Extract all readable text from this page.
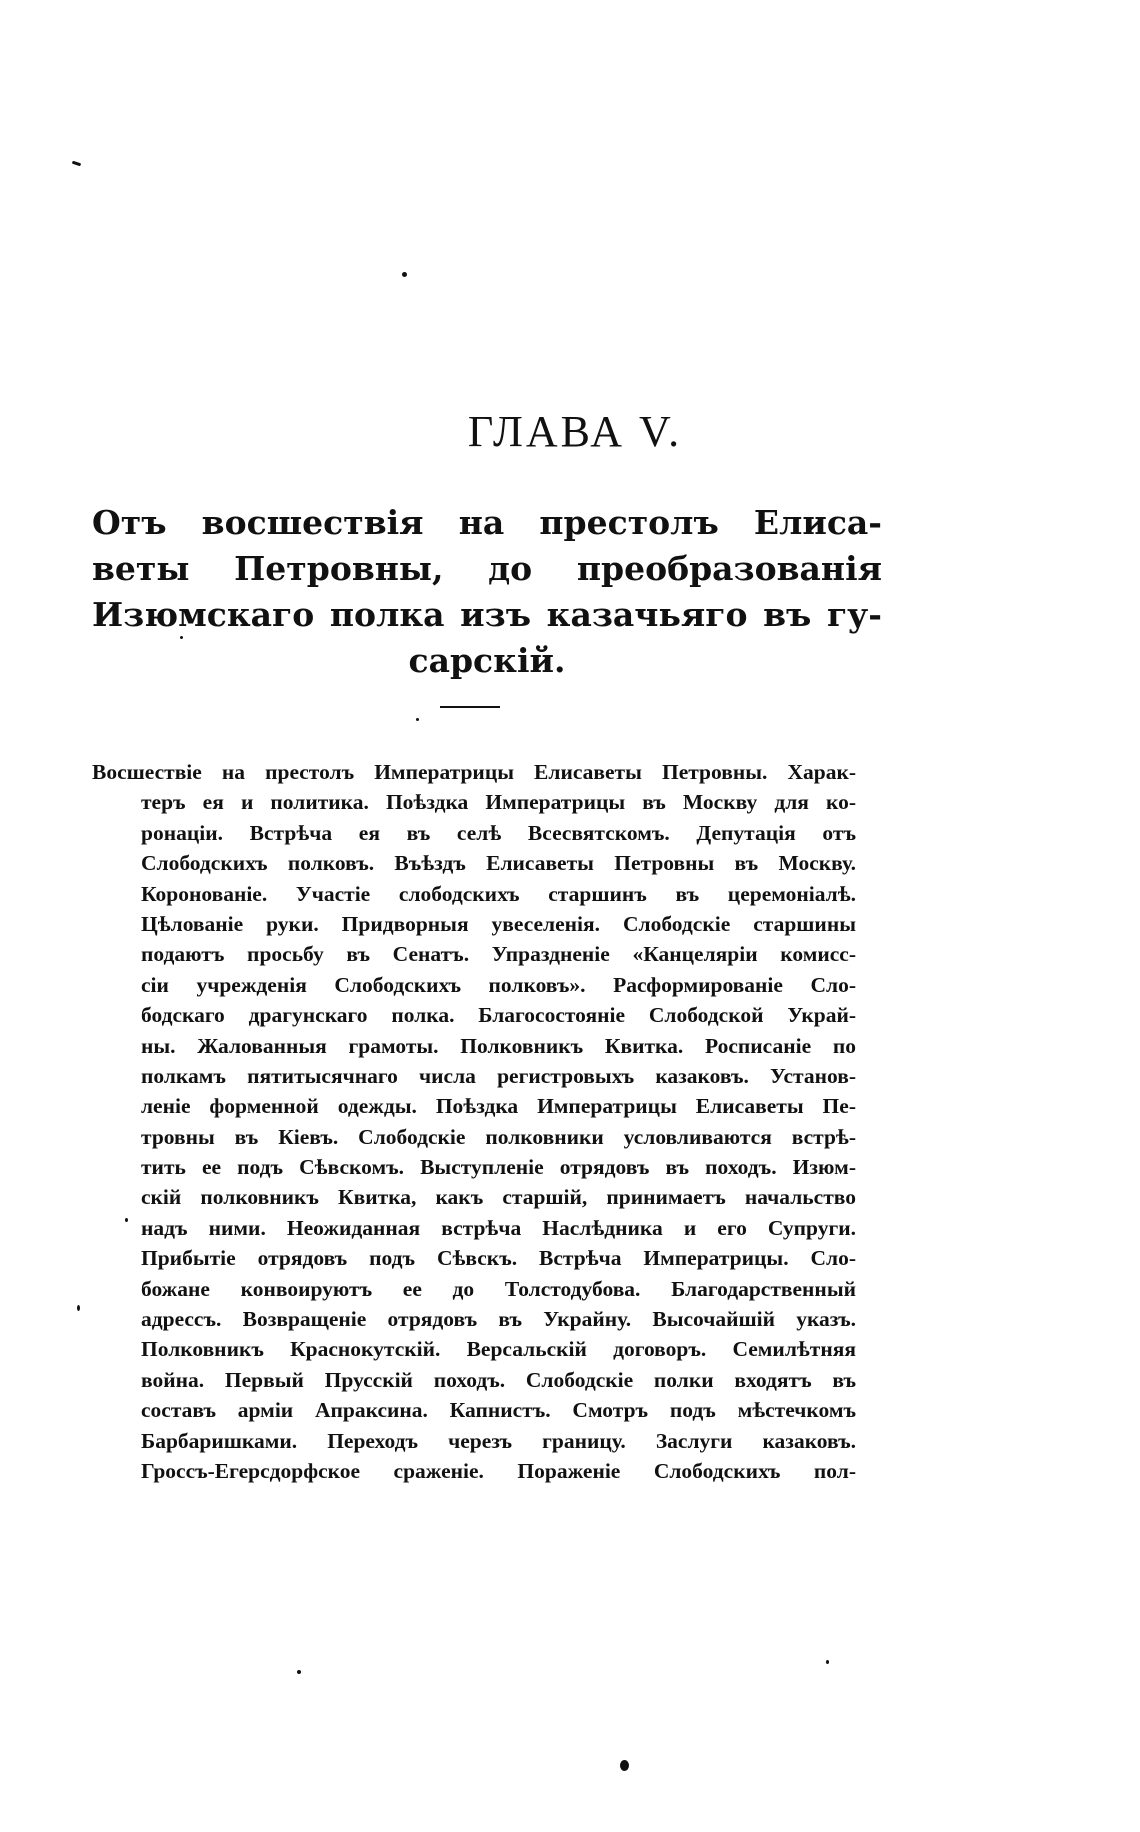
ГЛАВА V.
Отъ восшествія на престолъ Елиса-
веты Петровны, до преобразованія
Изюмскаго полка изъ казачьяго въ гу-
сарскій.
Восшествіе на престолъ Императрицы Елисаветы Петровны. Харак-
теръ ея и политика. Поѣздка Императрицы въ Москву для ко-
ронаціи. Встрѣча ея въ селѣ Всесвятскомъ. Депутація отъ
Слободскихъ полковъ. Въѣздъ Елисаветы Петровны въ Москву.
Коронованіе. Участіе слободскихъ старшинъ въ церемоніалѣ.
Цѣлованіе руки. Придворныя увеселенія. Слободскіе старшины
подаютъ просьбу въ Сенатъ. Упраздненіе «Канцеляріи комисс-
сіи учрежденія Слободскихъ полковъ». Расформированіе Сло-
бодскаго драгунскаго полка. Благосостояніе Слободской Украй-
ны. Жалованныя грамоты. Полковникъ Квитка. Росписаніе по
полкамъ пятитысячнаго числа регистровыхъ казаковъ. Установ-
леніе форменной одежды. Поѣздка Императрицы Елисаветы Пе-
тровны въ Кіевъ. Слободскіе полковники условливаются встрѣ-
тить ее подъ Сѣвскомъ. Выступленіе отрядовъ въ походъ. Изюм-
скій полковникъ Квитка, какъ старшій, принимаетъ начальство
надъ ними. Неожиданная встрѣча Наслѣдника и его Супруги.
Прибытіе отрядовъ подъ Сѣвскъ. Встрѣча Императрицы. Сло-
божане конвоируютъ ее до Толстодубова. Благодарственный
адрессъ. Возвращеніе отрядовъ въ Украйну. Высочайшій указъ.
Полковникъ Краснокутскій. Версальскій договоръ. Семилѣтняя
война. Первый Прусскій походъ. Слободскіе полки входятъ въ
составъ арміи Апраксина. Капнистъ. Смотръ подъ мѣстечкомъ
Барбаришками. Переходъ черезъ границу. Заслуги казаковъ.
Гроссъ-Егерсдорфское сраженіе. Пораженіе Слободскихъ пол-
